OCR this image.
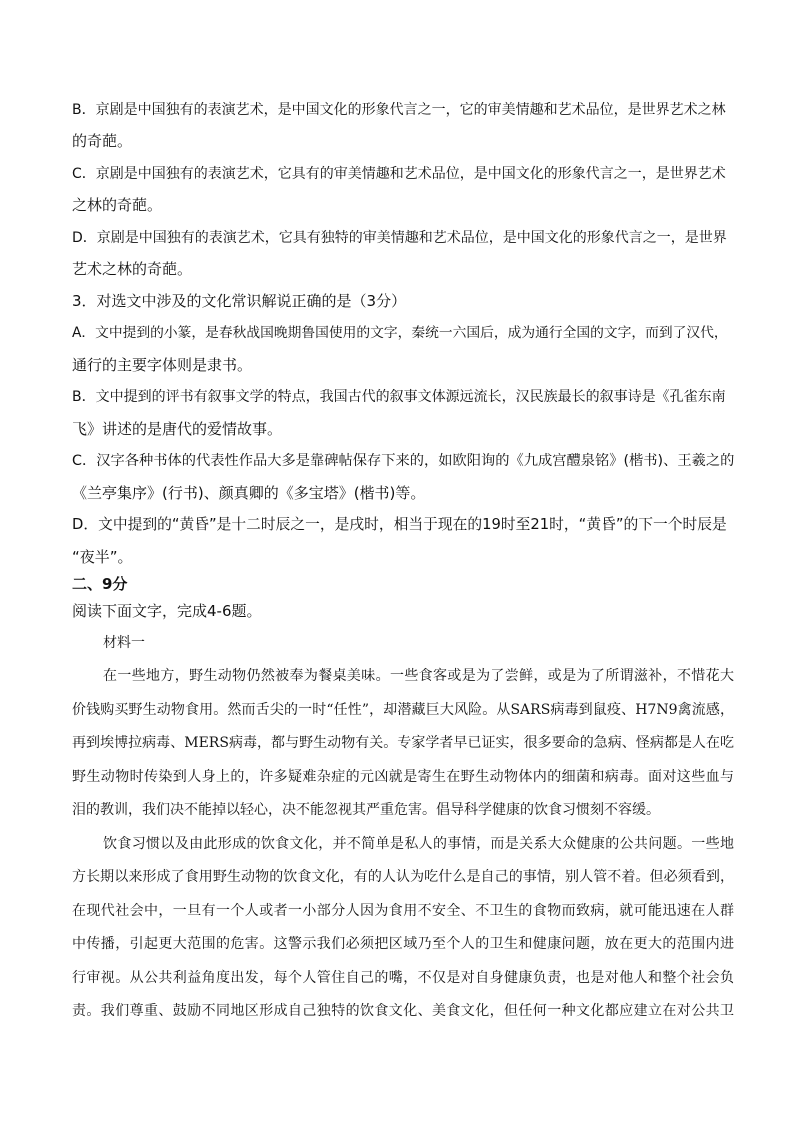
B．京剧是中国独有的表演艺术，是中国文化的形象代言之一，它的审美情趣和艺术品位，是世界艺术之林
的奇葩。
C．京剧是中国独有的表演艺术，它具有的审美情趣和艺术品位，是中国文化的形象代言之一，是世界艺术
之林的奇葩。
D．京剧是中国独有的表演艺术，它具有独特的审美情趣和艺术品位，是中国文化的形象代言之一，是世界
艺术之林的奇葩。
3．对选文中涉及的文化常识解说正确的是（3分）
A．文中提到的小篆，是春秋战国晚期鲁国使用的文字，秦统一六国后，成为通行全国的文字，而到了汉代，
通行的主要字体则是隶书。
B．文中提到的评书有叙事文学的特点，我国古代的叙事文体源远流长，汉民族最长的叙事诗是《孔雀东南
飞》讲述的是唐代的爱情故事。
C．汉字各种书体的代表性作品大多是靠碑帖保存下来的，如欧阳询的《九成宫醴泉铭》(楷书)、王羲之的
《兰亭集序》(行书)、颜真卿的《多宝塔》(楷书)等。
D．文中提到的“黄昏”是十二时辰之一，是戌时，相当于现在的19时至21时，“黄昏”的下一个时辰是
“夜半”。
二、9分
阅读下面文字，完成4-6题。
材料一
在一些地方，野生动物仍然被奉为餐桌美味。一些食客或是为了尝鲜，或是为了所谓滋补，不惜花大
价钱购买野生动物食用。然而舌尖的一时“任性”，却潜藏巨大风险。从SARS病毒到鼠疫、H7N9禽流感，
再到埃博拉病毒、MERS病毒，都与野生动物有关。专家学者早已证实，很多要命的急病、怪病都是人在吃
野生动物时传染到人身上的，许多疑难杂症的元凶就是寄生在野生动物体内的细菌和病毒。面对这些血与
泪的教训，我们决不能掉以轻心，决不能忽视其严重危害。倡导科学健康的饮食习惯刻不容缓。
饮食习惯以及由此形成的饮食文化，并不简单是私人的事情，而是关系大众健康的公共问题。一些地
方长期以来形成了食用野生动物的饮食文化，有的人认为吃什么是自己的事情，别人管不着。但必须看到，
在现代社会中，一旦有一个人或者一小部分人因为食用不安全、不卫生的食物而致病，就可能迅速在人群
中传播，引起更大范围的危害。这警示我们必须把区域乃至个人的卫生和健康问题，放在更大的范围内进
行审视。从公共利益角度出发，每个人管住自己的嘴，不仅是对自身健康负责，也是对他人和整个社会负
责。我们尊重、鼓励不同地区形成自己独特的饮食文化、美食文化，但任何一种文化都应建立在对公共卫
